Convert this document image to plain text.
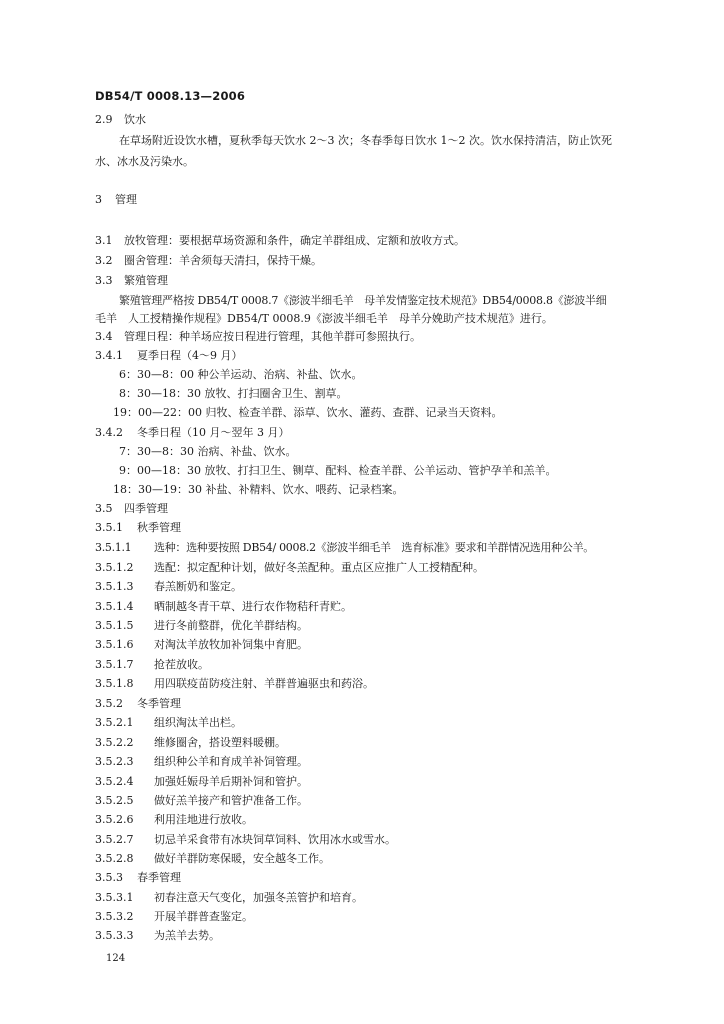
DB54/T 0008.13—2006
2.9 饮水
在草场附近设饮水槽，夏秋季每天饮水 2～3 次；冬春季每日饮水 1～2 次。饮水保持清洁，防止饮死
水、冰水及污染水。
3 管理
3.1 放牧管理：要根据草场资源和条件，确定羊群组成、定额和放收方式。
3.2 圈舍管理：羊舍须每天清扫，保持干燥。
3.3 繁殖管理
繁殖管理严格按 DB54/T 0008.7《澎波半细毛羊　母羊发情鉴定技术规范》DB54/0008.8《澎波半细
毛羊　人工授精操作规程》DB54/T 0008.9《澎波半细毛羊　母羊分娩助产技术规范》进行。
3.4 管理日程：种羊场应按日程进行管理，其他羊群可参照执行。
3.4.1 夏季日程（4～9 月）
6：30—8：00 种公羊运动、治病、补盐、饮水。
8：30—18：30 放牧、打扫圈舍卫生、割草。
19：00—22：00 归牧、检查羊群、添草、饮水、灌药、查群、记录当天资料。
3.4.2 冬季日程（10 月～翌年 3 月）
7：30—8：30 治病、补盐、饮水。
9：00—18：30 放牧、打扫卫生、铡草、配料、检查羊群、公羊运动、管护孕羊和羔羊。
18：30—19：30 补盐、补精料、饮水、喂药、记录档案。
3.5 四季管理
3.5.1 秋季管理
3.5.1.1 选种：选种要按照 DB54/ 0008.2《澎波半细毛羊　选育标准》要求和羊群情况选用种公羊。
3.5.1.2 选配：拟定配种计划，做好冬羔配种。重点区应推广人工授精配种。
3.5.1.3 春羔断奶和鉴定。
3.5.1.4 晒制越冬青干草、进行农作物秸秆青贮。
3.5.1.5 进行冬前整群，优化羊群结构。
3.5.1.6 对淘汰羊放牧加补饲集中育肥。
3.5.1.7 抢茬放收。
3.5.1.8 用四联疫苗防疫注射、羊群普遍驱虫和药浴。
3.5.2 冬季管理
3.5.2.1 组织淘汰羊出栏。
3.5.2.2 维修圈舍，搭设塑料暖棚。
3.5.2.3 组织种公羊和育成羊补饲管理。
3.5.2.4 加强妊娠母羊后期补饲和管护。
3.5.2.5 做好羔羊接产和管护准备工作。
3.5.2.6 利用洼地进行放收。
3.5.2.7 切忌羊采食带有冰块饲草饲料、饮用冰水或雪水。
3.5.2.8 做好羊群防寒保暖，安全越冬工作。
3.5.3 春季管理
3.5.3.1 初春注意天气变化，加强冬羔管护和培育。
3.5.3.2 开展羊群普查鉴定。
3.5.3.3 为羔羊去势。
124
